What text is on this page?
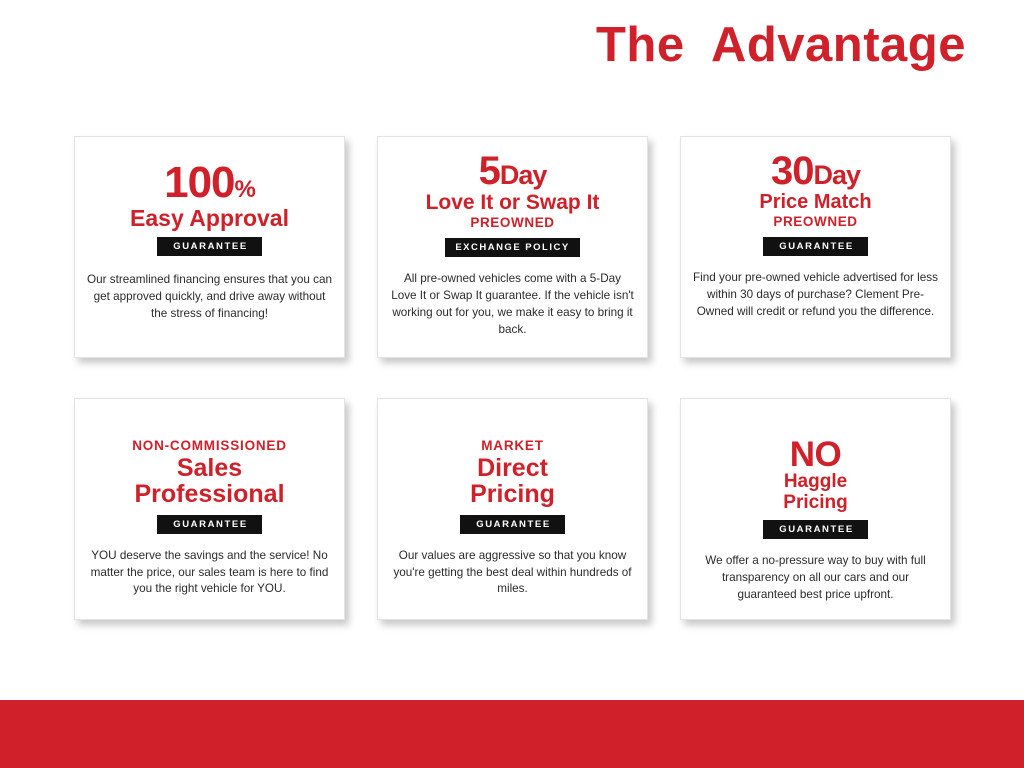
The  Advantage
100%
Easy Approval
GUARANTEE
Our streamlined financing ensures that you can get approved quickly, and drive away without the stress of financing!
5Day
Love It or Swap It
PREOWNED
EXCHANGE POLICY
All pre-owned vehicles come with a 5-Day Love It or Swap It guarantee. If the vehicle isn't working out for you, we make it easy to bring it back.
30Day
Price Match
PREOWNED
GUARANTEE
Find your pre-owned vehicle advertised for less within 30 days of purchase? Clement Pre-Owned will credit or refund you the difference.
NON-COMMISSIONED
Sales
Professional
GUARANTEE
YOU deserve the savings and the service! No matter the price, our sales team is here to find you the right vehicle for YOU.
MARKET
Direct
Pricing
GUARANTEE
Our values are aggressive so that you know you're getting the best deal within hundreds of miles.
NO
Haggle
Pricing
GUARANTEE
We offer a no-pressure way to buy with full transparency on all our cars and our guaranteed best price upfront.
